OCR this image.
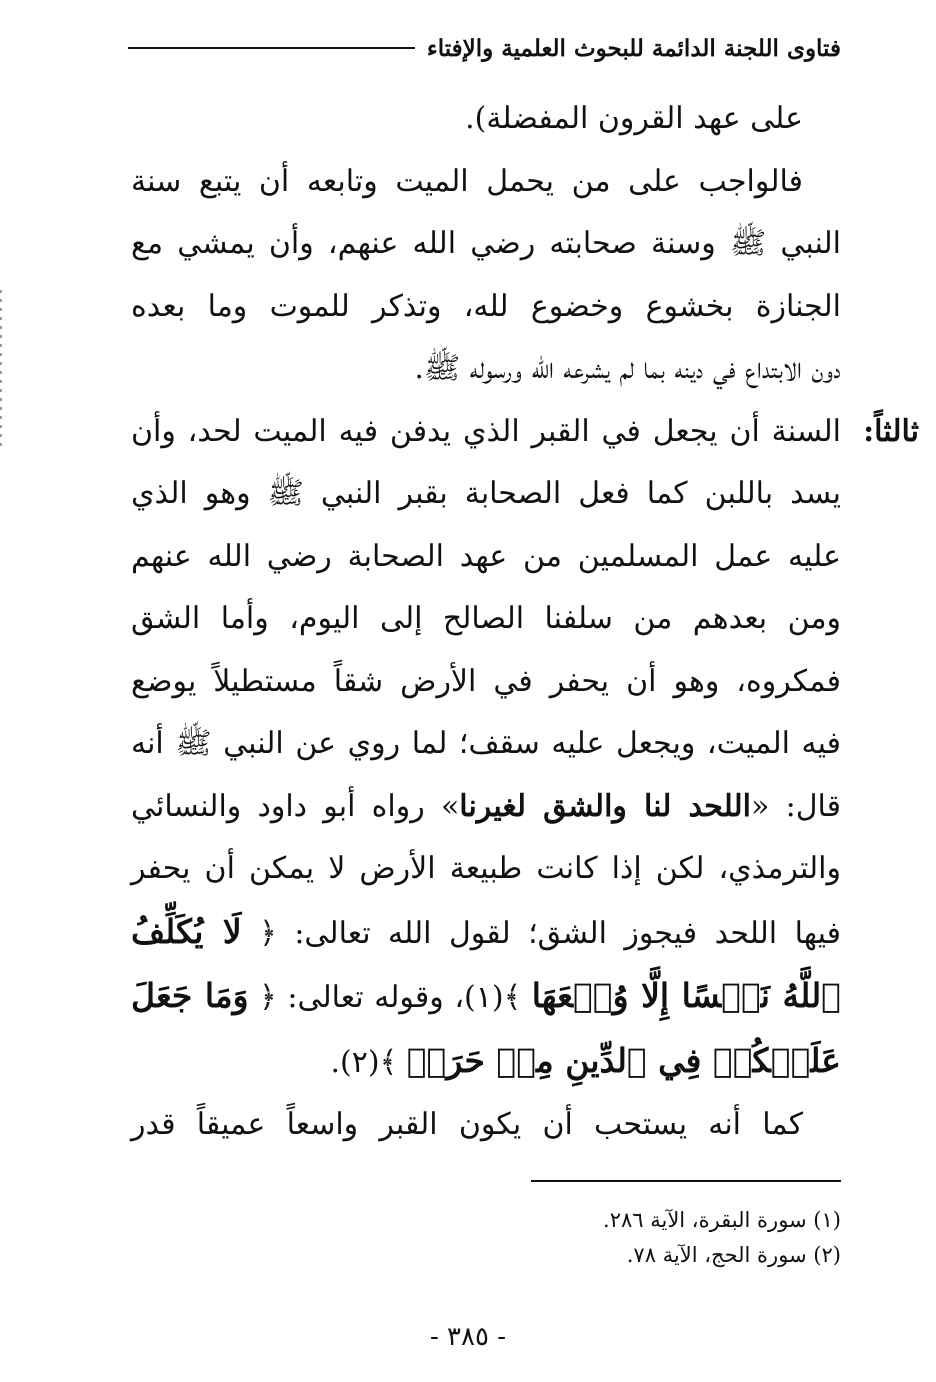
فتاوى اللجنة الدائمة للبحوث العلمية والإفتاء
على عهد القرون المفضلة).
فالواجب على من يحمل الميت وتابعه أن يتبع سنة
النبي ﷺ وسنة صحابته رضي الله عنهم، وأن يمشي مع
الجنازة بخشوع وخضوع لله، وتذكر للموت وما بعده
دون الابتداع في دينه بما لم يشرعه الله ورسوله ﷺ.
ثالثاً:السنة أن يجعل في القبر الذي يدفن فيه الميت لحد، وأن
يسد باللبن كما فعل الصحابة بقبر النبي ﷺ وهو الذي
عليه عمل المسلمين من عهد الصحابة رضي الله عنهم
ومن بعدهم من سلفنا الصالح إلى اليوم، وأما الشق
فمكروه، وهو أن يحفر في الأرض شقاً مستطيلاً يوضع
فيه الميت، ويجعل عليه سقف؛ لما روي عن النبي ﷺ أنه
قال: «اللحد لنا والشق لغيرنا» رواه أبو داود والنسائي
والترمذي، لكن إذا كانت طبيعة الأرض لا يمكن أن يحفر
فيها اللحد فيجوز الشق؛ لقول الله تعالى: ﴿ لَا يُكَلِّفُ
ٱللَّهُ نَفۡسًا إِلَّا وُسۡعَهَا ﴾(١)، وقوله تعالى: ﴿ وَمَا جَعَلَ
عَلَيۡكُمۡ فِي ٱلدِّينِ مِنۡ حَرَجٖ ﴾(٢).
كما أنه يستحب أن يكون القبر واسعاً عميقاً قدر
(١) سورة البقرة، الآية ٢٨٦.
(٢) سورة الحج، الآية ٧٨.
- ٣٨٥ -
